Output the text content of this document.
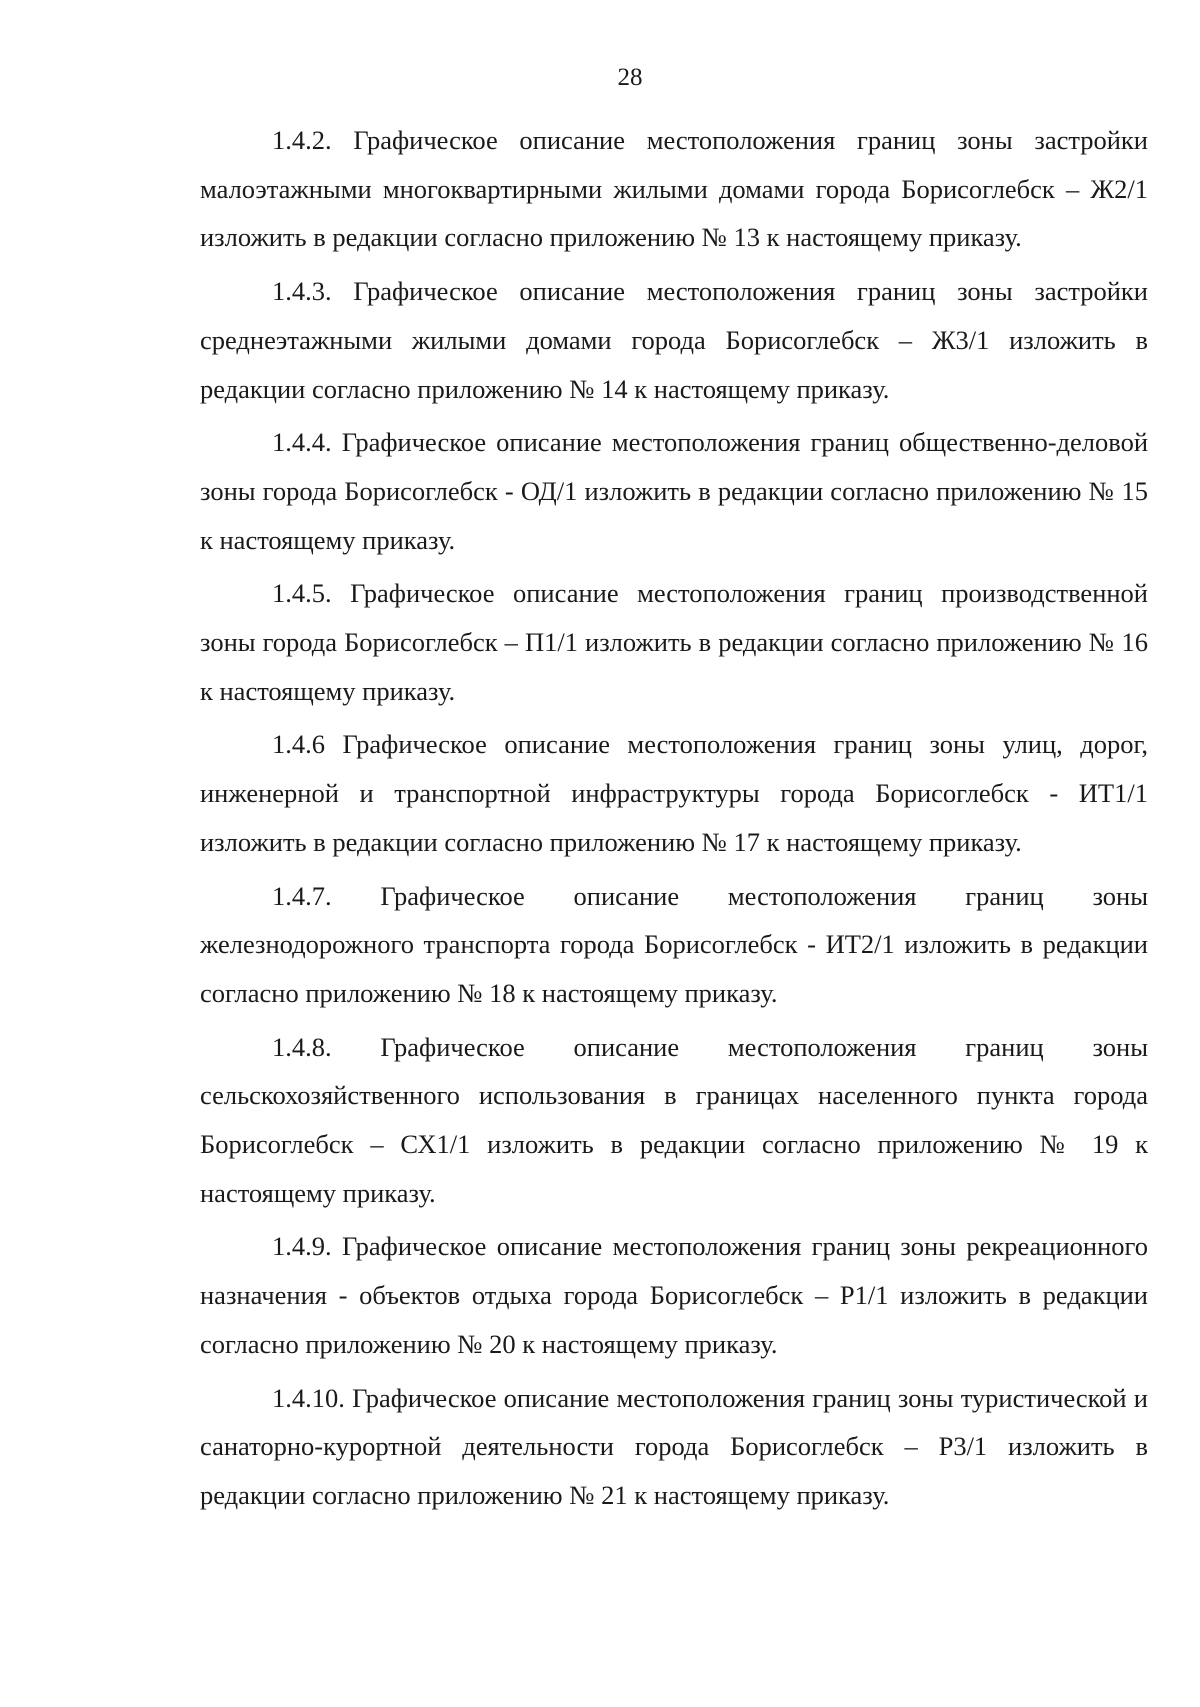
28

1.4.2. Графическое описание местоположения границ зоны застройки малоэтажными многоквартирными жилыми домами города Борисоглебск – Ж2/1 изложить в редакции согласно приложению № 13 к настоящему приказу.

1.4.3. Графическое описание местоположения границ зоны застройки среднеэтажными жилыми домами города Борисоглебск – Ж3/1 изложить в редакции согласно приложению № 14 к настоящему приказу.

1.4.4. Графическое описание местоположения границ общественно-деловой зоны города Борисоглебск - ОД/1 изложить в редакции согласно приложению № 15 к настоящему приказу.

1.4.5. Графическое описание местоположения границ производственной зоны города Борисоглебск – П1/1 изложить в редакции согласно приложению № 16 к настоящему приказу.

1.4.6 Графическое описание местоположения границ зоны улиц, дорог, инженерной и транспортной инфраструктуры города Борисоглебск - ИТ1/1 изложить в редакции согласно приложению № 17 к настоящему приказу.

1.4.7. Графическое описание местоположения границ зоны железнодорожного транспорта города Борисоглебск - ИТ2/1 изложить в редакции согласно приложению № 18 к настоящему приказу.

1.4.8. Графическое описание местоположения границ зоны сельскохозяйственного использования в границах населенного пункта города Борисоглебск – СХ1/1 изложить в редакции согласно приложению № 19 к настоящему приказу.

1.4.9. Графическое описание местоположения границ зоны рекреационного назначения - объектов отдыха города Борисоглебск – Р1/1 изложить в редакции согласно приложению № 20 к настоящему приказу.

1.4.10. Графическое описание местоположения границ зоны туристической и санаторно-курортной деятельности города Борисоглебск – Р3/1 изложить в редакции согласно приложению № 21 к настоящему приказу.
